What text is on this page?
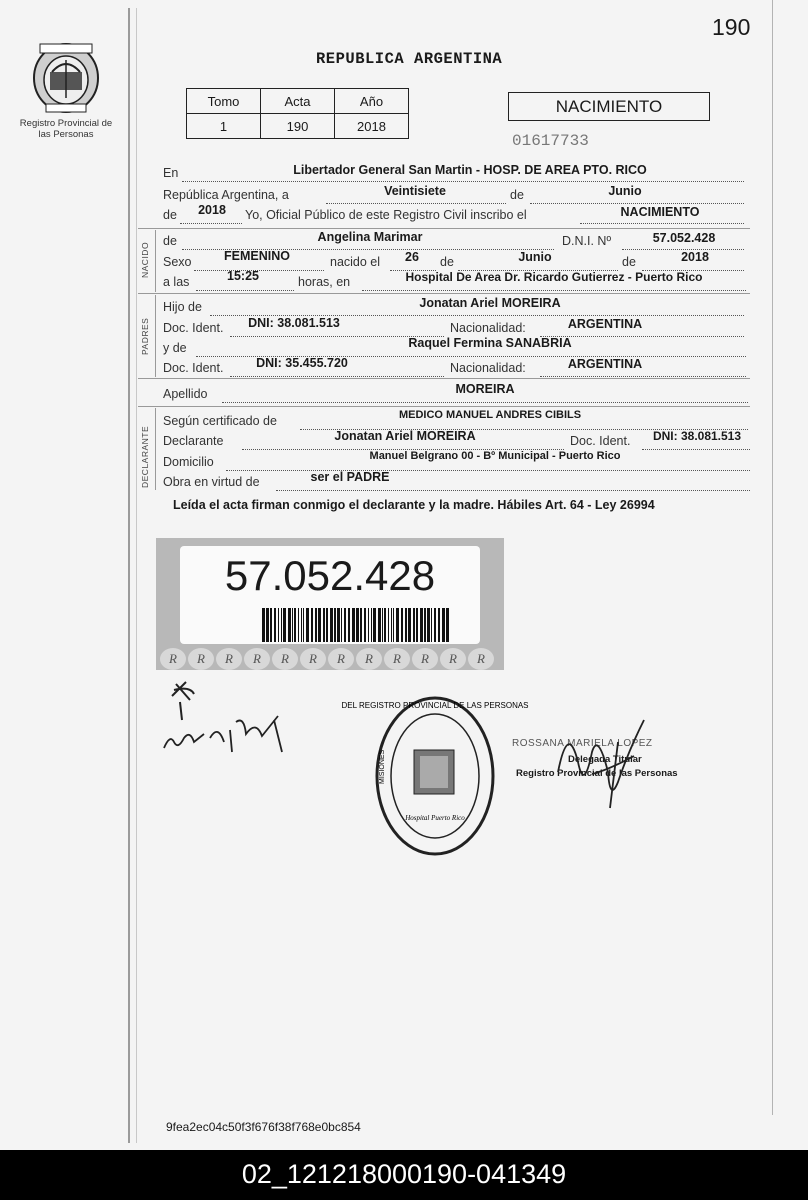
190
Registro Provincial de las Personas
REPUBLICA ARGENTINA
Tomo	Acta	Año
1	190	2018
NACIMIENTO
01617733
En	Libertador General San Martin - HOSP. DE AREA PTO. RICO
República Argentina, a	Veintisiete	de	Junio
de	2018	Yo, Oficial Público de este Registro Civil inscribo el	NACIMIENTO
NACIDO
de	Angelina Marimar	D.N.I. Nº	57.052.428
Sexo	FEMENINO	nacido el	26	de	Junio	de	2018
a las	15:25	horas, en	Hospital De Area Dr. Ricardo Gutierrez - Puerto Rico
PADRES
Hijo de	Jonatan Ariel MOREIRA
Doc. Ident.	DNI: 38.081.513	Nacionalidad:	ARGENTINA
y de	Raquel Fermina SANABRIA
Doc. Ident.	DNI: 35.455.720	Nacionalidad:	ARGENTINA
Apellido	MOREIRA
DECLARANTE
Según certificado de	MEDICO MANUEL ANDRES CIBILS
Declarante	Jonatan Ariel MOREIRA	Doc. Ident.	DNI: 38.081.513
Domicilio	Manuel Belgrano 00 - Bº Municipal - Puerto Rico
Obra en virtud de	ser el PADRE
Leída el acta firman conmigo el declarante y la madre. Hábiles Art. 64 - Ley 26994
57.052.428
R	R	R	R	R	R	R	R	R	R	R	R
DEL REGISTRO PROVINCIAL DE LAS PERSONAS
Hospital Puerto Rico
MISIONES
ROSSANA MARIELA LOPEZ
Delegada Titular
Registro Provincial de las Personas
9fea2ec04c50f3f676f38f768e0bc854
02_121218000190-041349
